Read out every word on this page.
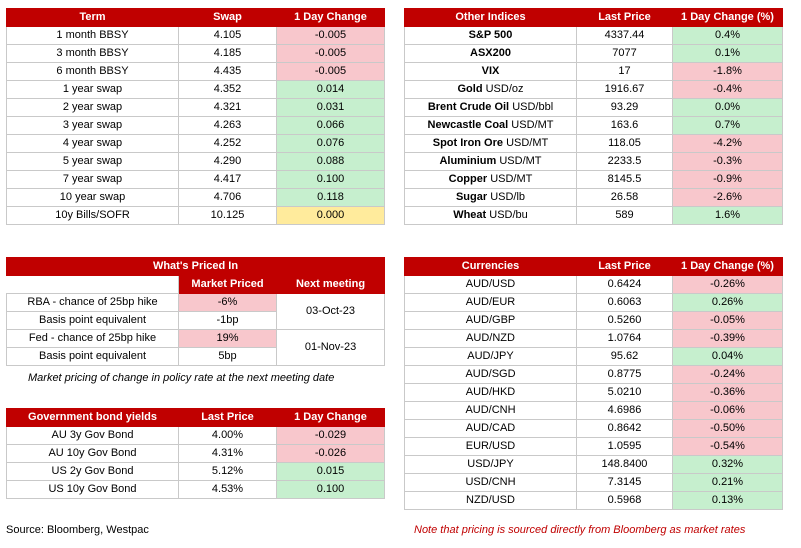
Term	Swap	1 Day Change
1 month BBSY	4.105	-0.005
3 month BBSY	4.185	-0.005
6 month BBSY	4.435	-0.005
1 year swap	4.352	0.014
2 year swap	4.321	0.031
3 year swap	4.263	0.066
4 year swap	4.252	0.076
5 year swap	4.290	0.088
7 year swap	4.417	0.100
10 year swap	4.706	0.118
10y Bills/SOFR	10.125	0.000
Other Indices	Last Price	1 Day Change (%)
S&P 500	4337.44	0.4%
ASX200	7077	0.1%
VIX	17	-1.8%
Gold USD/oz	1916.67	-0.4%
Brent Crude Oil USD/bbl	93.29	0.0%
Newcastle Coal USD/MT	163.6	0.7%
Spot Iron Ore USD/MT	118.05	-4.2%
Aluminium USD/MT	2233.5	-0.3%
Copper USD/MT	8145.5	-0.9%
Sugar USD/lb	26.58	-2.6%
Wheat USD/bu	589	1.6%
What's Priced In		
	Market Priced	Next meeting
RBA - chance of 25bp hike	-6%	03-Oct-23
Basis point equivalent	-1bp	
Fed - chance of 25bp hike	19%	01-Nov-23
Basis point equivalent	5bp	
Market pricing of change in policy rate at the next meeting date
Government bond yields	Last Price	1 Day Change
AU 3y Gov Bond	4.00%	-0.029
AU 10y Gov Bond	4.31%	-0.026
US 2y Gov Bond	5.12%	0.015
US 10y Gov Bond	4.53%	0.100
Source: Bloomberg, Westpac
Currencies	Last Price	1 Day Change (%)
AUD/USD	0.6424	-0.26%
AUD/EUR	0.6063	0.26%
AUD/GBP	0.5260	-0.05%
AUD/NZD	1.0764	-0.39%
AUD/JPY	95.62	0.04%
AUD/SGD	0.8775	-0.24%
AUD/HKD	5.0210	-0.36%
AUD/CNH	4.6986	-0.06%
AUD/CAD	0.8642	-0.50%
EUR/USD	1.0595	-0.54%
USD/JPY	148.8400	0.32%
USD/CNH	7.3145	0.21%
NZD/USD	0.5968	0.13%
Note that pricing is sourced directly from Bloomberg as market rates
